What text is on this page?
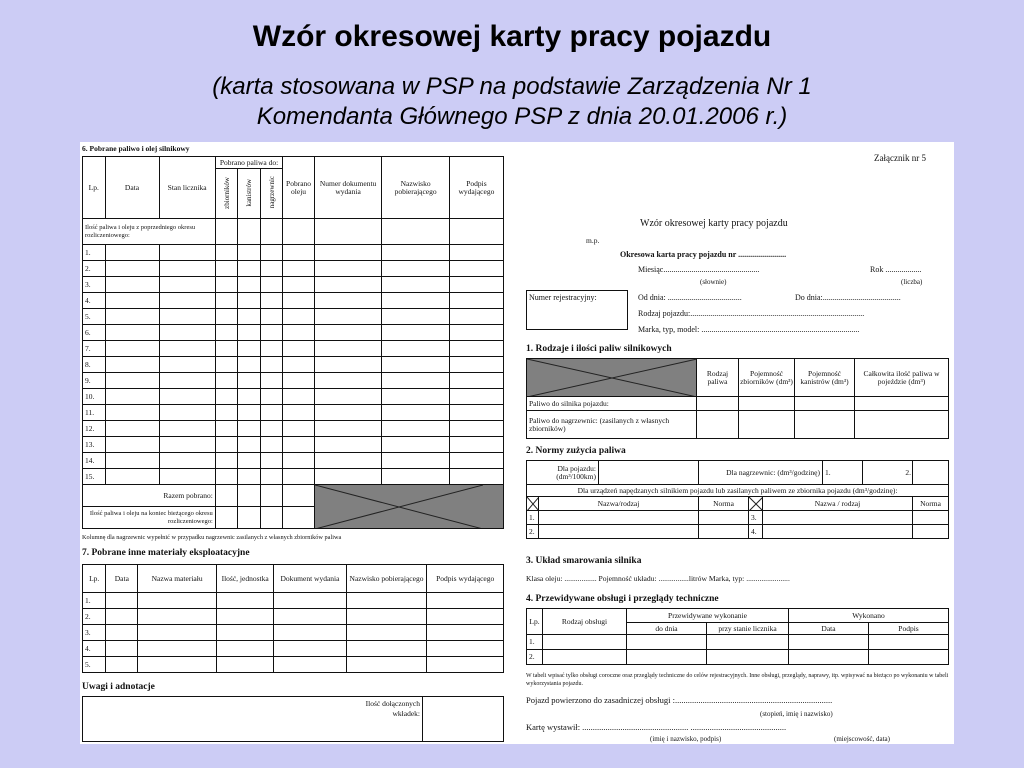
Wzór okresowej karty pracy pojazdu
(karta stosowana w PSP na podstawie Zarządzenia Nr 1
Komendanta Głównego PSP z dnia 20.01.2006 r.)
6. Pobrane paliwo i olej silnikowy
Lp.	Data	Stan licznika	Pobrano paliwa do:			Pobrano oleju	Numer dokumentu wydania	Nazwisko pobierającego	Podpis wydającego
			zbiorników	kanistrów	nagrzewnic				
Ilość paliwa i oleju z poprzedniego okresu rozliczeniowego:									
1.									
2.									
3.									
4.									
5.									
6.									
7.									
8.									
9.									
10.									
11.									
12.									
13.									
14.									
15.									
Razem pobrano:					

Ilość paliwa i oleju na koniec bieżącego okresu rozliczeniowego:									
Kolumnę dla nagrzewnic wypełnić w przypadku nagrzewnic zasilanych z własnych zbiorników paliwa
7. Pobrane inne materiały eksploatacyjne
Lp.	Data	Nazwa materiału	Ilość, jednostka	Dokument wydania	Nazwisko pobierającego	Podpis wydającego
1.						
2.						
3.						
4.						
5.						
Uwagi i adnotacje
Ilość dołączonych wkładek:
Załącznik nr 5
Wzór okresowej karty pracy pojazdu
m.p.
Okresowa karta pracy pojazdu nr ........................
Miesiąc................................................
(słownie)
Rok ..................
(liczba)
Numer rejestracyjny:	Od dnia: .....................................	Do dnia:.......................................
Rodzaj pojazdu:.......................................................................................
Marka, typ, model: ...............................................................................
1. Rodzaje i ilości paliw silnikowych
	Rodzaj paliwa	Pojemność zbiorników (dm³)	Pojemność kanistrów (dm³)	Całkowita ilość paliwa w pojeździe (dm³)
Paliwo do silnika pojazdu:				
Paliwo do nagrzewnic: (zasilanych z własnych zbiorników)				
2. Normy zużycia paliwa
Dla pojazdu: (dm³/100km)			Dla nagrzewnic: (dm³/godzinę)			1.	2.	
Dla urządzeń napędzanych silnikiem pojazdu lub zasilanych paliwem ze zbiornika pojazdu (dm³/godzinę):								

	Nazwa/rodzaj		Norma		Nazwa / rodzaj			Norma
1.				3.				
2.				4.				
3. Układ smarowania silnika
Klasa oleju: ................. Pojemność układu: ................litrów Marka, typ: .......................
4. Przewidywane obsługi i przeglądy techniczne
Lp.	Rodzaj obsługi	Przewidywane wykonanie		Wykonano	
		do dnia	przy stanie licznika	Data	Podpis
1.					
2.					
W tabeli wpisać tylko obsługi coroczne oraz przeglądy techniczne do celów rejestracyjnych. Inne obsługi, przeglądy, naprawy, itp. wpisywać na bieżąco po wykonaniu w tabeli wykorzystania pojazdu.
Pojazd powierzono do zasadniczej obsługi :..........................................................................
(stopień, imię i nazwisko)
Kartę wystawił: .................................................. .............................................
(imię i nazwisko, podpis)	(miejscowość, data)
